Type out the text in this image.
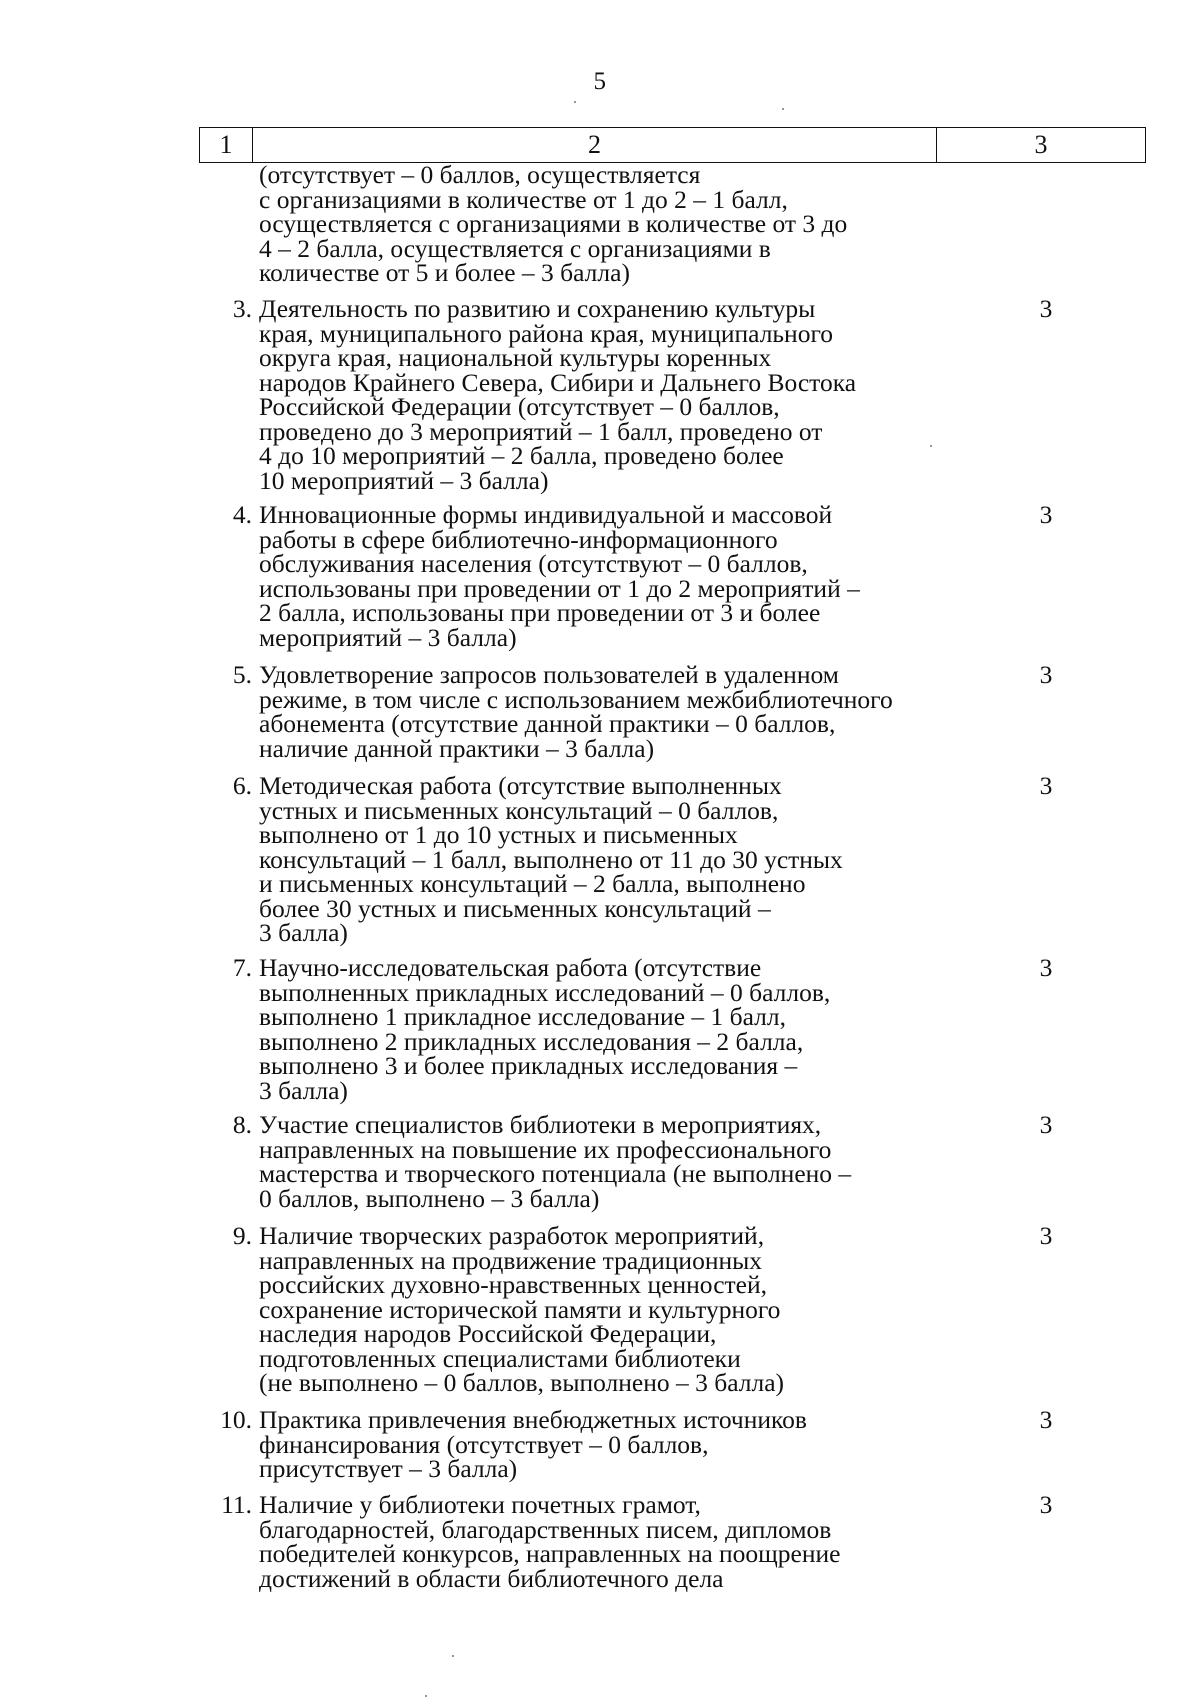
5
1	2	3
(отсутствует – 0 баллов, осуществляется
с организациями в количестве от 1 до 2 – 1 балл,
осуществляется с организациями в количестве от 3 до
4 – 2 балла, осуществляется с организациями в
количестве от 5 и более – 3 балла)
3. Деятельность по развитию и сохранению культуры
края, муниципального района края, муниципального
округа края, национальной культуры коренных
народов Крайнего Севера, Сибири и Дальнего Востока
Российской Федерации (отсутствует – 0 баллов,
проведено до 3 мероприятий – 1 балл, проведено от
4 до 10 мероприятий – 2 балла, проведено более
10 мероприятий – 3 балла)
3
4. Инновационные формы индивидуальной и массовой
работы в сфере библиотечно-информационного
обслуживания населения (отсутствуют – 0 баллов,
использованы при проведении от 1 до 2 мероприятий –
2 балла, использованы при проведении от 3 и более
мероприятий – 3 балла)
3
5. Удовлетворение запросов пользователей в удаленном
режиме, в том числе с использованием межбиблиотечного
абонемента (отсутствие данной практики – 0 баллов,
наличие данной практики – 3 балла)
3
6. Методическая работа (отсутствие выполненных
устных и письменных консультаций – 0 баллов,
выполнено от 1 до 10 устных и письменных
консультаций – 1 балл, выполнено от 11 до 30 устных
и письменных консультаций – 2 балла, выполнено
более 30 устных и письменных консультаций –
3 балла)
3
7. Научно-исследовательская работа (отсутствие
выполненных прикладных исследований – 0 баллов,
выполнено 1 прикладное исследование – 1 балл,
выполнено 2 прикладных исследования – 2 балла,
выполнено 3 и более прикладных исследования –
3 балла)
3
8. Участие специалистов библиотеки в мероприятиях,
направленных на повышение их профессионального
мастерства и творческого потенциала (не выполнено –
0 баллов, выполнено – 3 балла)
3
9. Наличие творческих разработок мероприятий,
направленных на продвижение традиционных
российских духовно-нравственных ценностей,
сохранение исторической памяти и культурного
наследия народов Российской Федерации,
подготовленных специалистами библиотеки
(не выполнено – 0 баллов, выполнено – 3 балла)
3
10. Практика привлечения внебюджетных источников
финансирования (отсутствует – 0 баллов,
присутствует – 3 балла)
3
11. Наличие у библиотеки почетных грамот,
благодарностей, благодарственных писем, дипломов
победителей конкурсов, направленных на поощрение
достижений в области библиотечного дела
3
